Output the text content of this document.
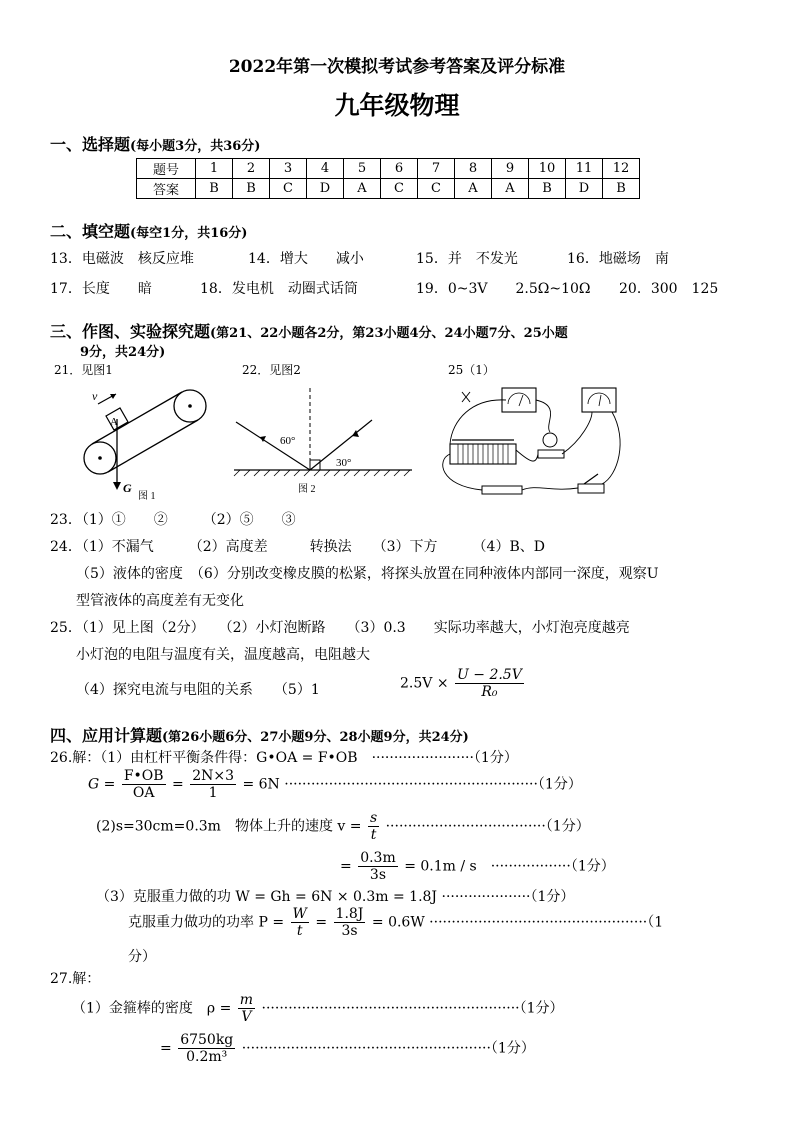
2022年第一次模拟考试参考答案及评分标准
九年级物理
一、选择题(每小题3分，共36分)
题号	1	2	3	4	5	6	7	8	9	10	11	12
答案	B	B	C	D	A	C	C	A	A	B	D	B
二、填空题(每空1分，共16分)
13．电磁波　核反应堆	14．增大　　减小	15．并　不发光	16．地磁场　南
17．长度　　暗	18．发电机　动圈式话筒	19．0~3V　　2.5Ω~10Ω 20．300　125
三、作图、实验探究题(第21、22小题各2分，第23小题4分、24小题7分、25小题
9分，共24分)
21．见图1	22．见图2	25（1）
A
v
G
图 1
60°
30°
图 2
23．（1）①　　②　　　（2）⑤　　③
24．（1）不漏气　　　（2）高度差　　　转换法　　（3）下方　　　（4）B、D
（5）液体的密度　（6）分别改变橡皮膜的松紧，将探头放置在同种液体内部同一深度，观察U
型管液体的高度差有无变化
25．（1）见上图（2分）　　（2）小灯泡断路　　（3）0.3　　实际功率越大，小灯泡亮度越亮
小灯泡的电阻与温度有关，温度越高，电阻越大
（4）探究电流与电阻的关系　　（5）1	$2.5V \times \frac{U - 2.5V}{\text{R₀}}$
四、应用计算题(第26小题6分、27小题9分、28小题9分，共24分)
26.解：（1）由杠杆平衡条件得：G•OA = F•OB　·······················（1分）
$G = \frac{F•OB}{OA} = \frac{2N\times 3}{1} = 6N \cdot\cdot\cdot\cdot\cdot\cdot\cdot\cdot\cdot\cdot\cdot\cdot\cdot\cdot\cdot\cdot\cdot\cdot\cdot\cdot\cdot\cdot\cdot\cdot\cdot\cdot\cdot\cdot\cdot\cdot\cdot\cdot\cdot\cdot\cdot\cdot\cdot\cdot\cdot\cdot\cdot\cdot\cdot\cdot\cdot\cdot\cdot\cdot\cdot\cdot\cdot\cdot\cdot\cdot\cdot\cdot\cdot(1$分）
(2)s=30cm=0.3m　物体上升的速度 $v = \frac{s}{t} \cdot\cdot\cdot\cdot\cdot\cdot\cdot\cdot\cdot\cdot\cdot\cdot\cdot\cdot\cdot\cdot\cdot\cdot\cdot\cdot\cdot\cdot\cdot\cdot\cdot\cdot\cdot\cdot\cdot\cdot\cdot\cdot\cdot\cdot\cdot\cdot(1$分）
= $\frac{0.3m}{3s} = 0.1m / s$　··················（1分）
（3）克服重力做的功 W = Gh = 6N × 0.3m = 1.8J ····················（1分）
克服重力做功的功率 $P = \frac{W}{t} = \frac{1.8J}{3s} = 0.6W \cdot\cdot\cdot\cdot\cdot\cdot\cdot\cdot\cdot\cdot\cdot\cdot\cdot\cdot\cdot\cdot\cdot\cdot\cdot\cdot\cdot\cdot\cdot\cdot\cdot\cdot\cdot\cdot\cdot\cdot\cdot\cdot\cdot\cdot\cdot\cdot\cdot\cdot\cdot\cdot\cdot\cdot\cdot\cdot\cdot\cdot\cdot\cdot\cdot(1$
分）
27.解：
（1）金箍棒的密度　$\rho = \frac{m}{V} \cdot\cdot\cdot\cdot\cdot\cdot\cdot\cdot\cdot\cdot\cdot\cdot\cdot\cdot\cdot\cdot\cdot\cdot\cdot\cdot\cdot\cdot\cdot\cdot\cdot\cdot\cdot\cdot\cdot\cdot\cdot\cdot\cdot\cdot\cdot\cdot\cdot\cdot\cdot\cdot\cdot\cdot\cdot\cdot\cdot\cdot\cdot\cdot\cdot\cdot\cdot\cdot\cdot\cdot\cdot\cdot\cdot\cdot(1$分）
= $\frac{6750kg}{\text{0.2m³}} \cdot\cdot\cdot\cdot\cdot\cdot\cdot\cdot\cdot\cdot\cdot\cdot\cdot\cdot\cdot\cdot\cdot\cdot\cdot\cdot\cdot\cdot\cdot\cdot\cdot\cdot\cdot\cdot\cdot\cdot\cdot\cdot\cdot\cdot\cdot\cdot\cdot\cdot\cdot\cdot\cdot\cdot\cdot\cdot\cdot\cdot\cdot\cdot\cdot\cdot\cdot\cdot\cdot\cdot\cdot\cdot(1$分）
